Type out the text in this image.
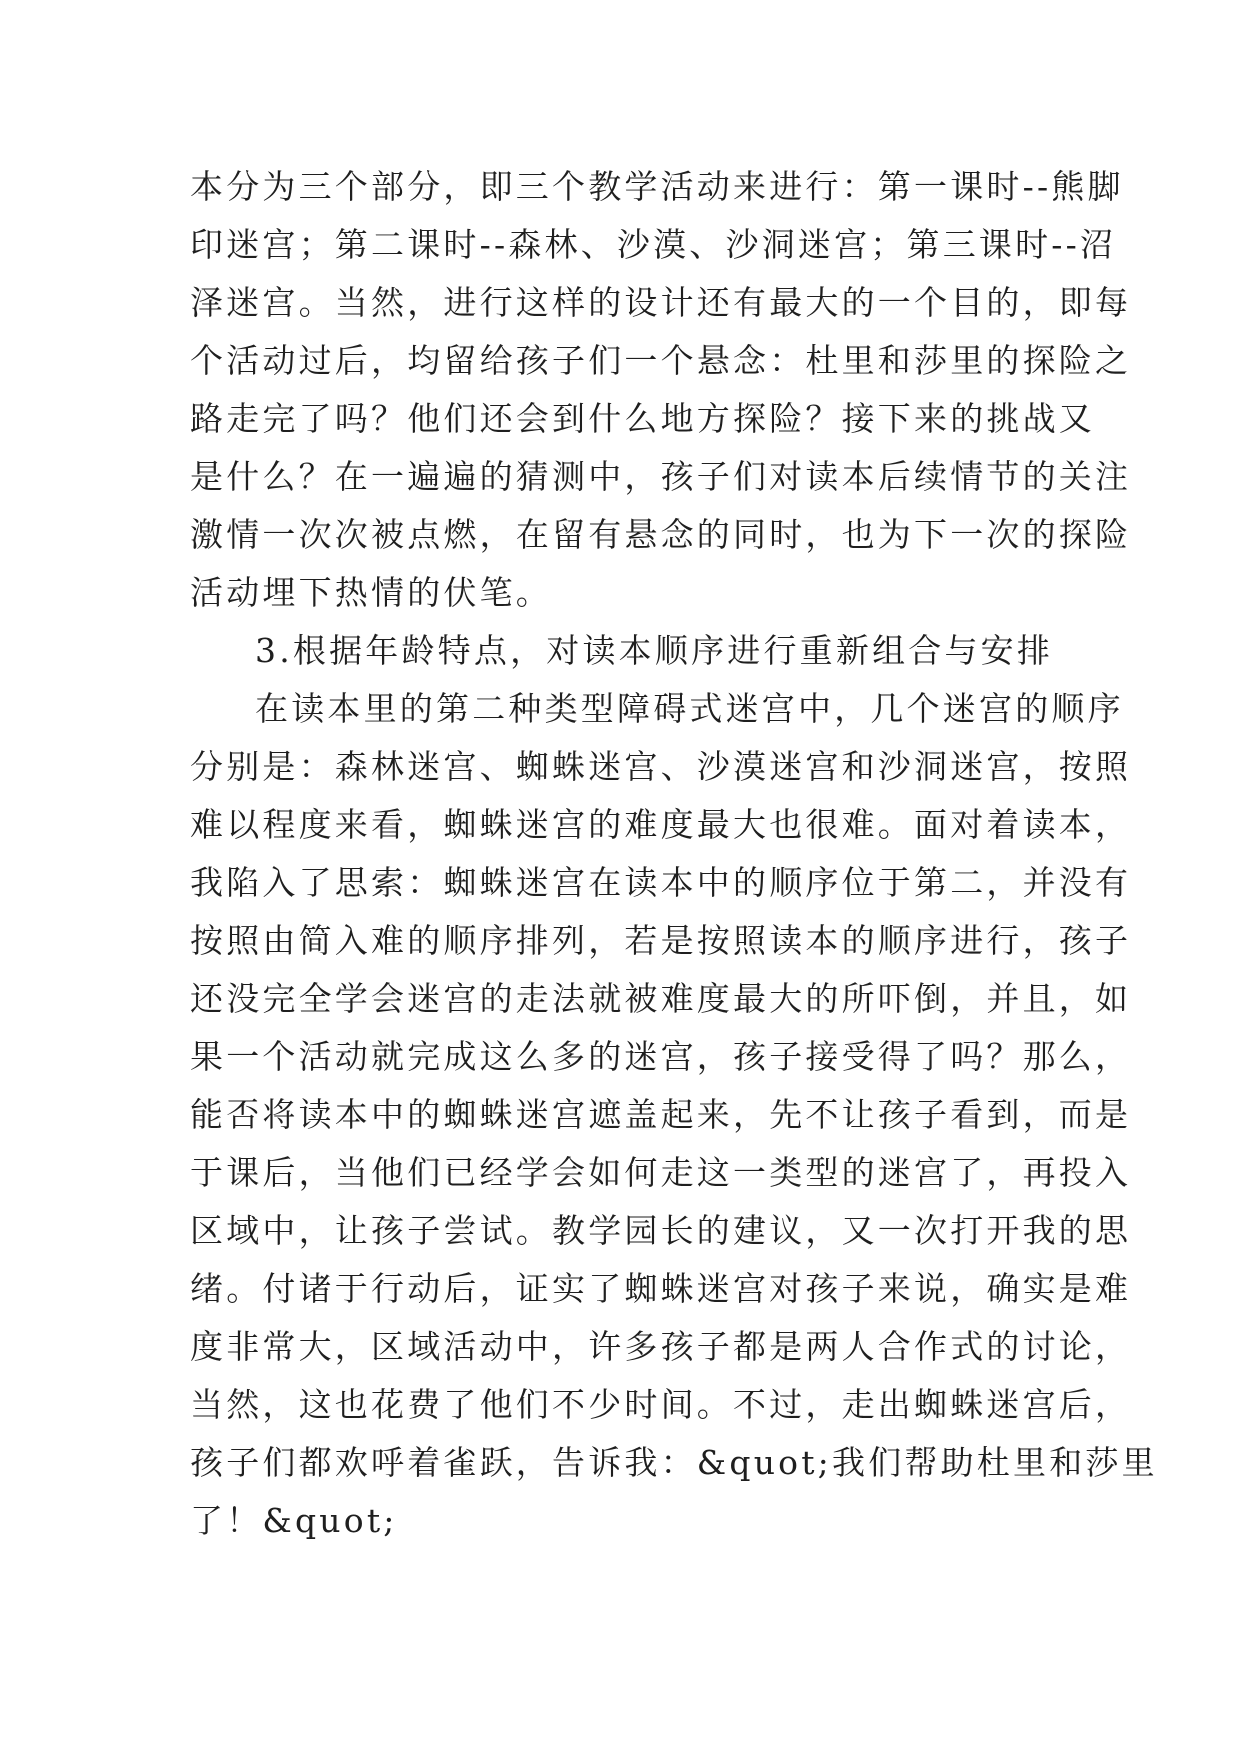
本分为三个部分，即三个教学活动来进行：第一课时--熊脚
印迷宫；第二课时--森林、沙漠、沙洞迷宫；第三课时--沼
泽迷宫。当然，进行这样的设计还有最大的一个目的，即每
个活动过后，均留给孩子们一个悬念：杜里和莎里的探险之
路走完了吗？他们还会到什么地方探险？接下来的挑战又
是什么？在一遍遍的猜测中，孩子们对读本后续情节的关注
激情一次次被点燃，在留有悬念的同时，也为下一次的探险
活动埋下热情的伏笔。
3.根据年龄特点，对读本顺序进行重新组合与安排
在读本里的第二种类型障碍式迷宫中，几个迷宫的顺序
分别是：森林迷宫、蜘蛛迷宫、沙漠迷宫和沙洞迷宫，按照
难以程度来看，蜘蛛迷宫的难度最大也很难。面对着读本，
我陷入了思索：蜘蛛迷宫在读本中的顺序位于第二，并没有
按照由简入难的顺序排列，若是按照读本的顺序进行，孩子
还没完全学会迷宫的走法就被难度最大的所吓倒，并且，如
果一个活动就完成这么多的迷宫，孩子接受得了吗？那么，
能否将读本中的蜘蛛迷宫遮盖起来，先不让孩子看到，而是
于课后，当他们已经学会如何走这一类型的迷宫了，再投入
区域中，让孩子尝试。教学园长的建议，又一次打开我的思
绪。付诸于行动后，证实了蜘蛛迷宫对孩子来说，确实是难
度非常大，区域活动中，许多孩子都是两人合作式的讨论，
当然，这也花费了他们不少时间。不过，走出蜘蛛迷宫后，
孩子们都欢呼着雀跃，告诉我：&quot;我们帮助杜里和莎里
了！&quot;
